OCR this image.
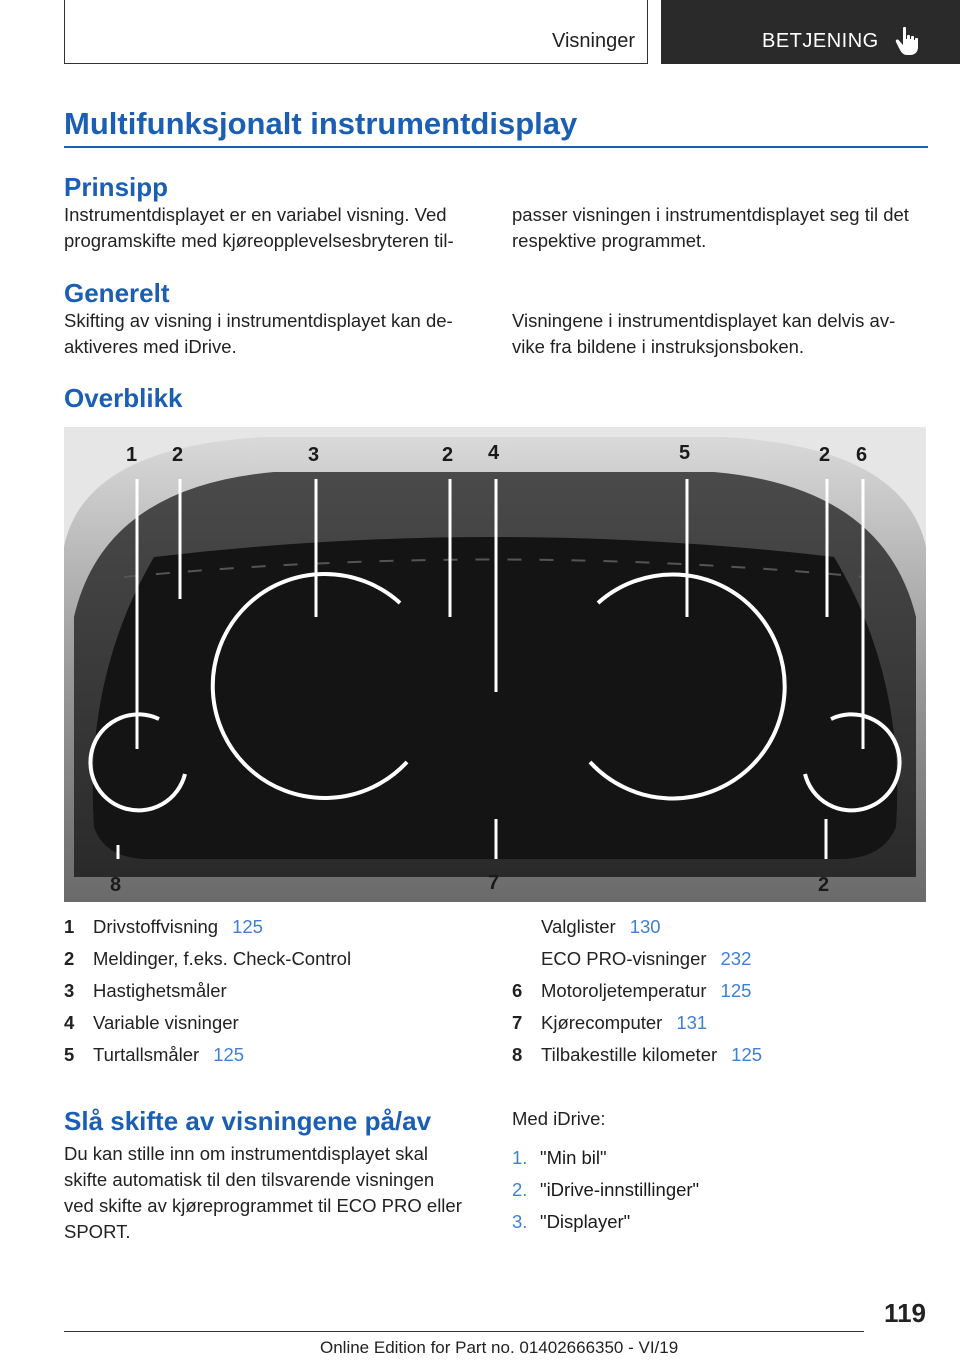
Visninger	BETJENING
Multifunksjonalt instrumentdisplay
Prinsipp
Instrumentdisplayet er en variabel visning. Ved
programskifte med kjøreopplevelsesbryteren til-
passer visningen i instrumentdisplayet seg til det
respektive programmet.
Generelt
Skifting av visning i instrumentdisplayet kan de-
aktiveres med iDrive.
Visningene i instrumentdisplayet kan delvis av-
vike fra bildene i instruksjonsboken.
Overblikk
1 2	3	2 4	5	2 6
8	7	2
1 Drivstoffvisning 125
2 Meldinger, f.eks. Check-Control
3 Hastighetsmåler
4 Variable visninger
5 Turtallsmåler 125
Valglister 130
ECO PRO-visninger 232
6 Motoroljetemperatur 125
7 Kjørecomputer 131
8 Tilbakestille kilometer 125
Slå skifte av visningene på/av
Du kan stille inn om instrumentdisplayet skal
skifte automatisk til den tilsvarende visningen
ved skifte av kjøreprogrammet til ECO PRO eller
SPORT.
Med iDrive:
1. "Min bil"
2. "iDrive-innstillinger"
3. "Displayer"
119
Online Edition for Part no. 01402666350 - VI/19
